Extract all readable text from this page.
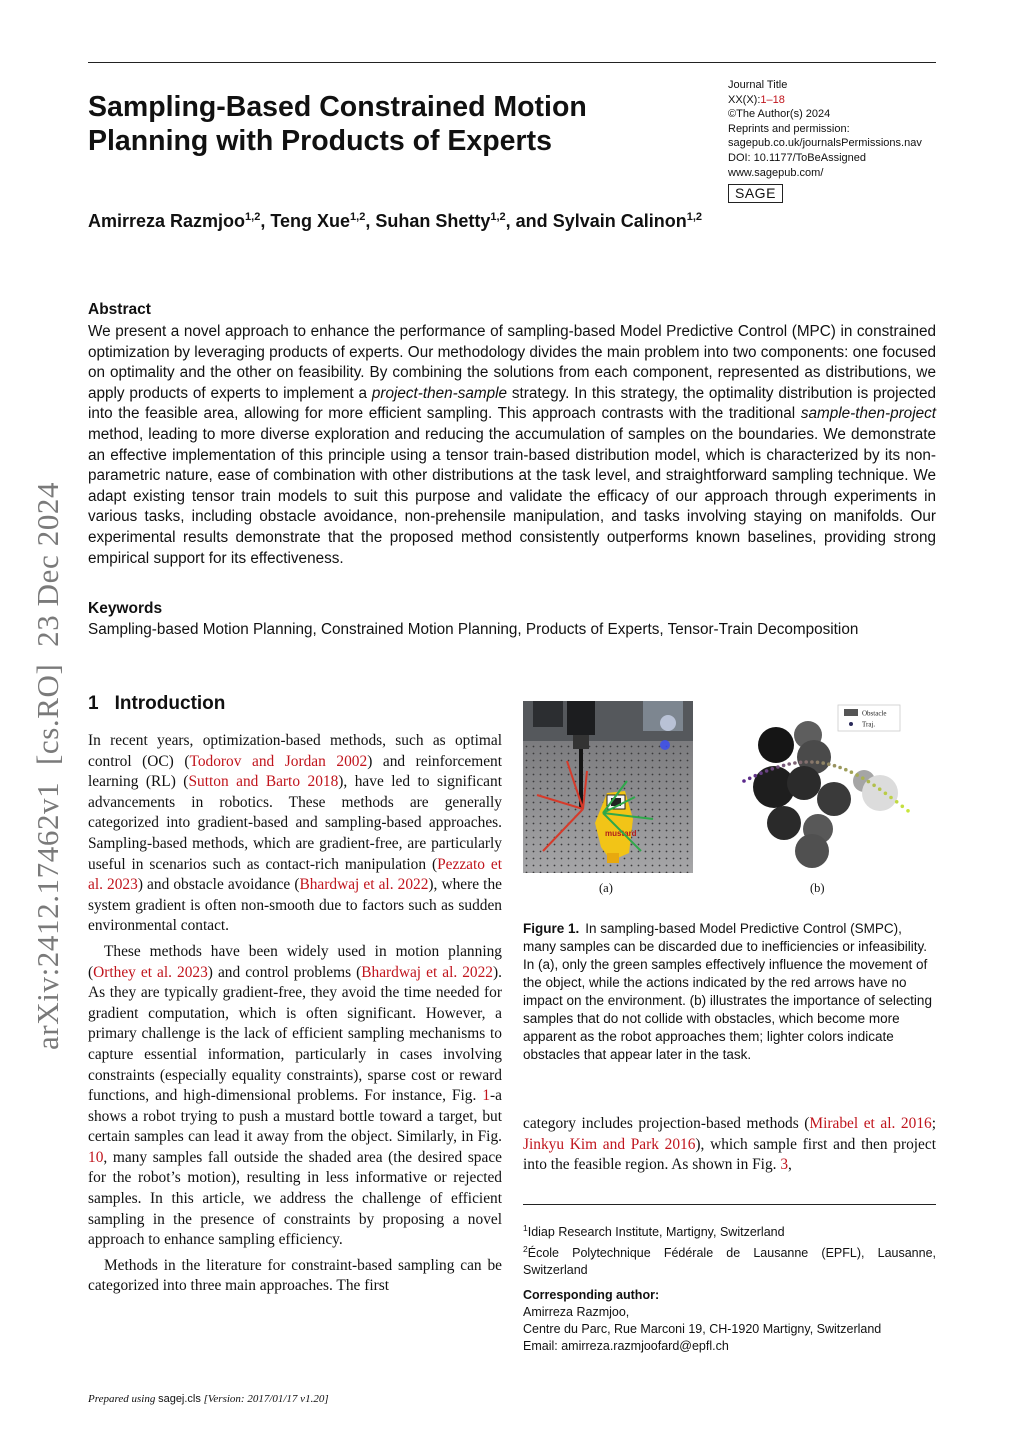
Sampling-Based Constrained Motion Planning with Products of Experts
Journal Title
XX(X):1–18
©The Author(s) 2024
Reprints and permission:
sagepub.co.uk/journalsPermissions.nav
DOI: 10.1177/ToBeAssigned
www.sagepub.com/
SAGE
Amirreza Razmjoo$^{1,2}$, Teng Xue$^{1,2}$, Suhan Shetty$^{1,2}$, and Sylvain Calinon$^{1,2}$
Abstract

We present a novel approach to enhance the performance of sampling-based Model Predictive Control (MPC) in constrained optimization by leveraging products of experts. Our methodology divides the main problem into two components: one focused on optimality and the other on feasibility. By combining the solutions from each component, represented as distributions, we apply products of experts to implement a project-then-sample strategy. In this strategy, the optimality distribution is projected into the feasible area, allowing for more efficient sampling. This approach contrasts with the traditional sample-then-project method, leading to more diverse exploration and reducing the accumulation of samples on the boundaries. We demonstrate an effective implementation of this principle using a tensor train-based distribution model, which is characterized by its non-parametric nature, ease of combination with other distributions at the task level, and straightforward sampling technique. We adapt existing tensor train models to suit this purpose and validate the efficacy of our approach through experiments in various tasks, including obstacle avoidance, non-prehensile manipulation, and tasks involving staying on manifolds. Our experimental results demonstrate that the proposed method consistently outperforms known baselines, providing strong empirical support for its effectiveness.

Keywords
Sampling-based Motion Planning, Constrained Motion Planning, Products of Experts, Tensor-Train Decomposition
arXiv:2412.17462v1  [cs.RO]  23 Dec 2024 1 Introduction

In recent years, optimization-based methods, such as optimal control (OC) (Todorov and Jordan 2002) and reinforcement learning (RL) (Sutton and Barto 2018), have led to significant advancements in robotics. These methods are generally categorized into gradient-based and sampling-based approaches. Sampling-based methods, which are gradient-free, are particularly useful in scenarios such as contact-rich manipulation (Pezzato et al. 2023) and obstacle avoidance (Bhardwaj et al. 2022), where the system gradient is often non-smooth due to factors such as sudden environmental contact.

These methods have been widely used in motion planning (Orthey et al. 2023) and control problems (Bhardwaj et al. 2022). As they are typically gradient-free, they avoid the time needed for gradient computation, which is often significant. However, a primary challenge is the lack of efficient sampling mechanisms to capture essential information, particularly in cases involving constraints (especially equality constraints), sparse cost or reward functions, and high-dimensional problems. For instance, Fig. 1-a shows a robot trying to push a mustard bottle toward a target, but certain samples can lead it away from the object. Similarly, in Fig. 10, many samples fall outside the shaded area (the desired space for the robot’s motion), resulting in less informative or rejected samples. In this article, we address the challenge of efficient sampling in the presence of constraints by proposing a novel approach to enhance sampling efficiency.

Methods in the literature for constraint-based sampling can be categorized into three main approaches. The first

mustard
(a)
Obstacle
Traj.
(b)

Figure 1. In sampling-based Model Predictive Control (SMPC), many samples can be discarded due to inefficiencies or infeasibility. In (a), only the green samples effectively influence the movement of the object, while the actions indicated by the red arrows have no impact on the environment. (b) illustrates the importance of selecting samples that do not collide with obstacles, which become more apparent as the robot approaches them; lighter colors indicate obstacles that appear later in the task.

category includes projection-based methods (Mirabel et al. 2016; Jinkyu Kim and Park 2016), which sample first and then project into the feasible region. As shown in Fig. 3,

$^1$Idiap Research Institute, Martigny, Switzerland
$^2$École Polytechnique Fédérale de Lausanne (EPFL), Lausanne, Switzerland

Corresponding author:
Amirreza Razmjoo,
Centre du Parc, Rue Marconi 19, CH-1920 Martigny, Switzerland
Email: amirreza.razmjoofard@epfl.ch
Prepared using sagej.cls [Version: 2017/01/17 v1.20]
